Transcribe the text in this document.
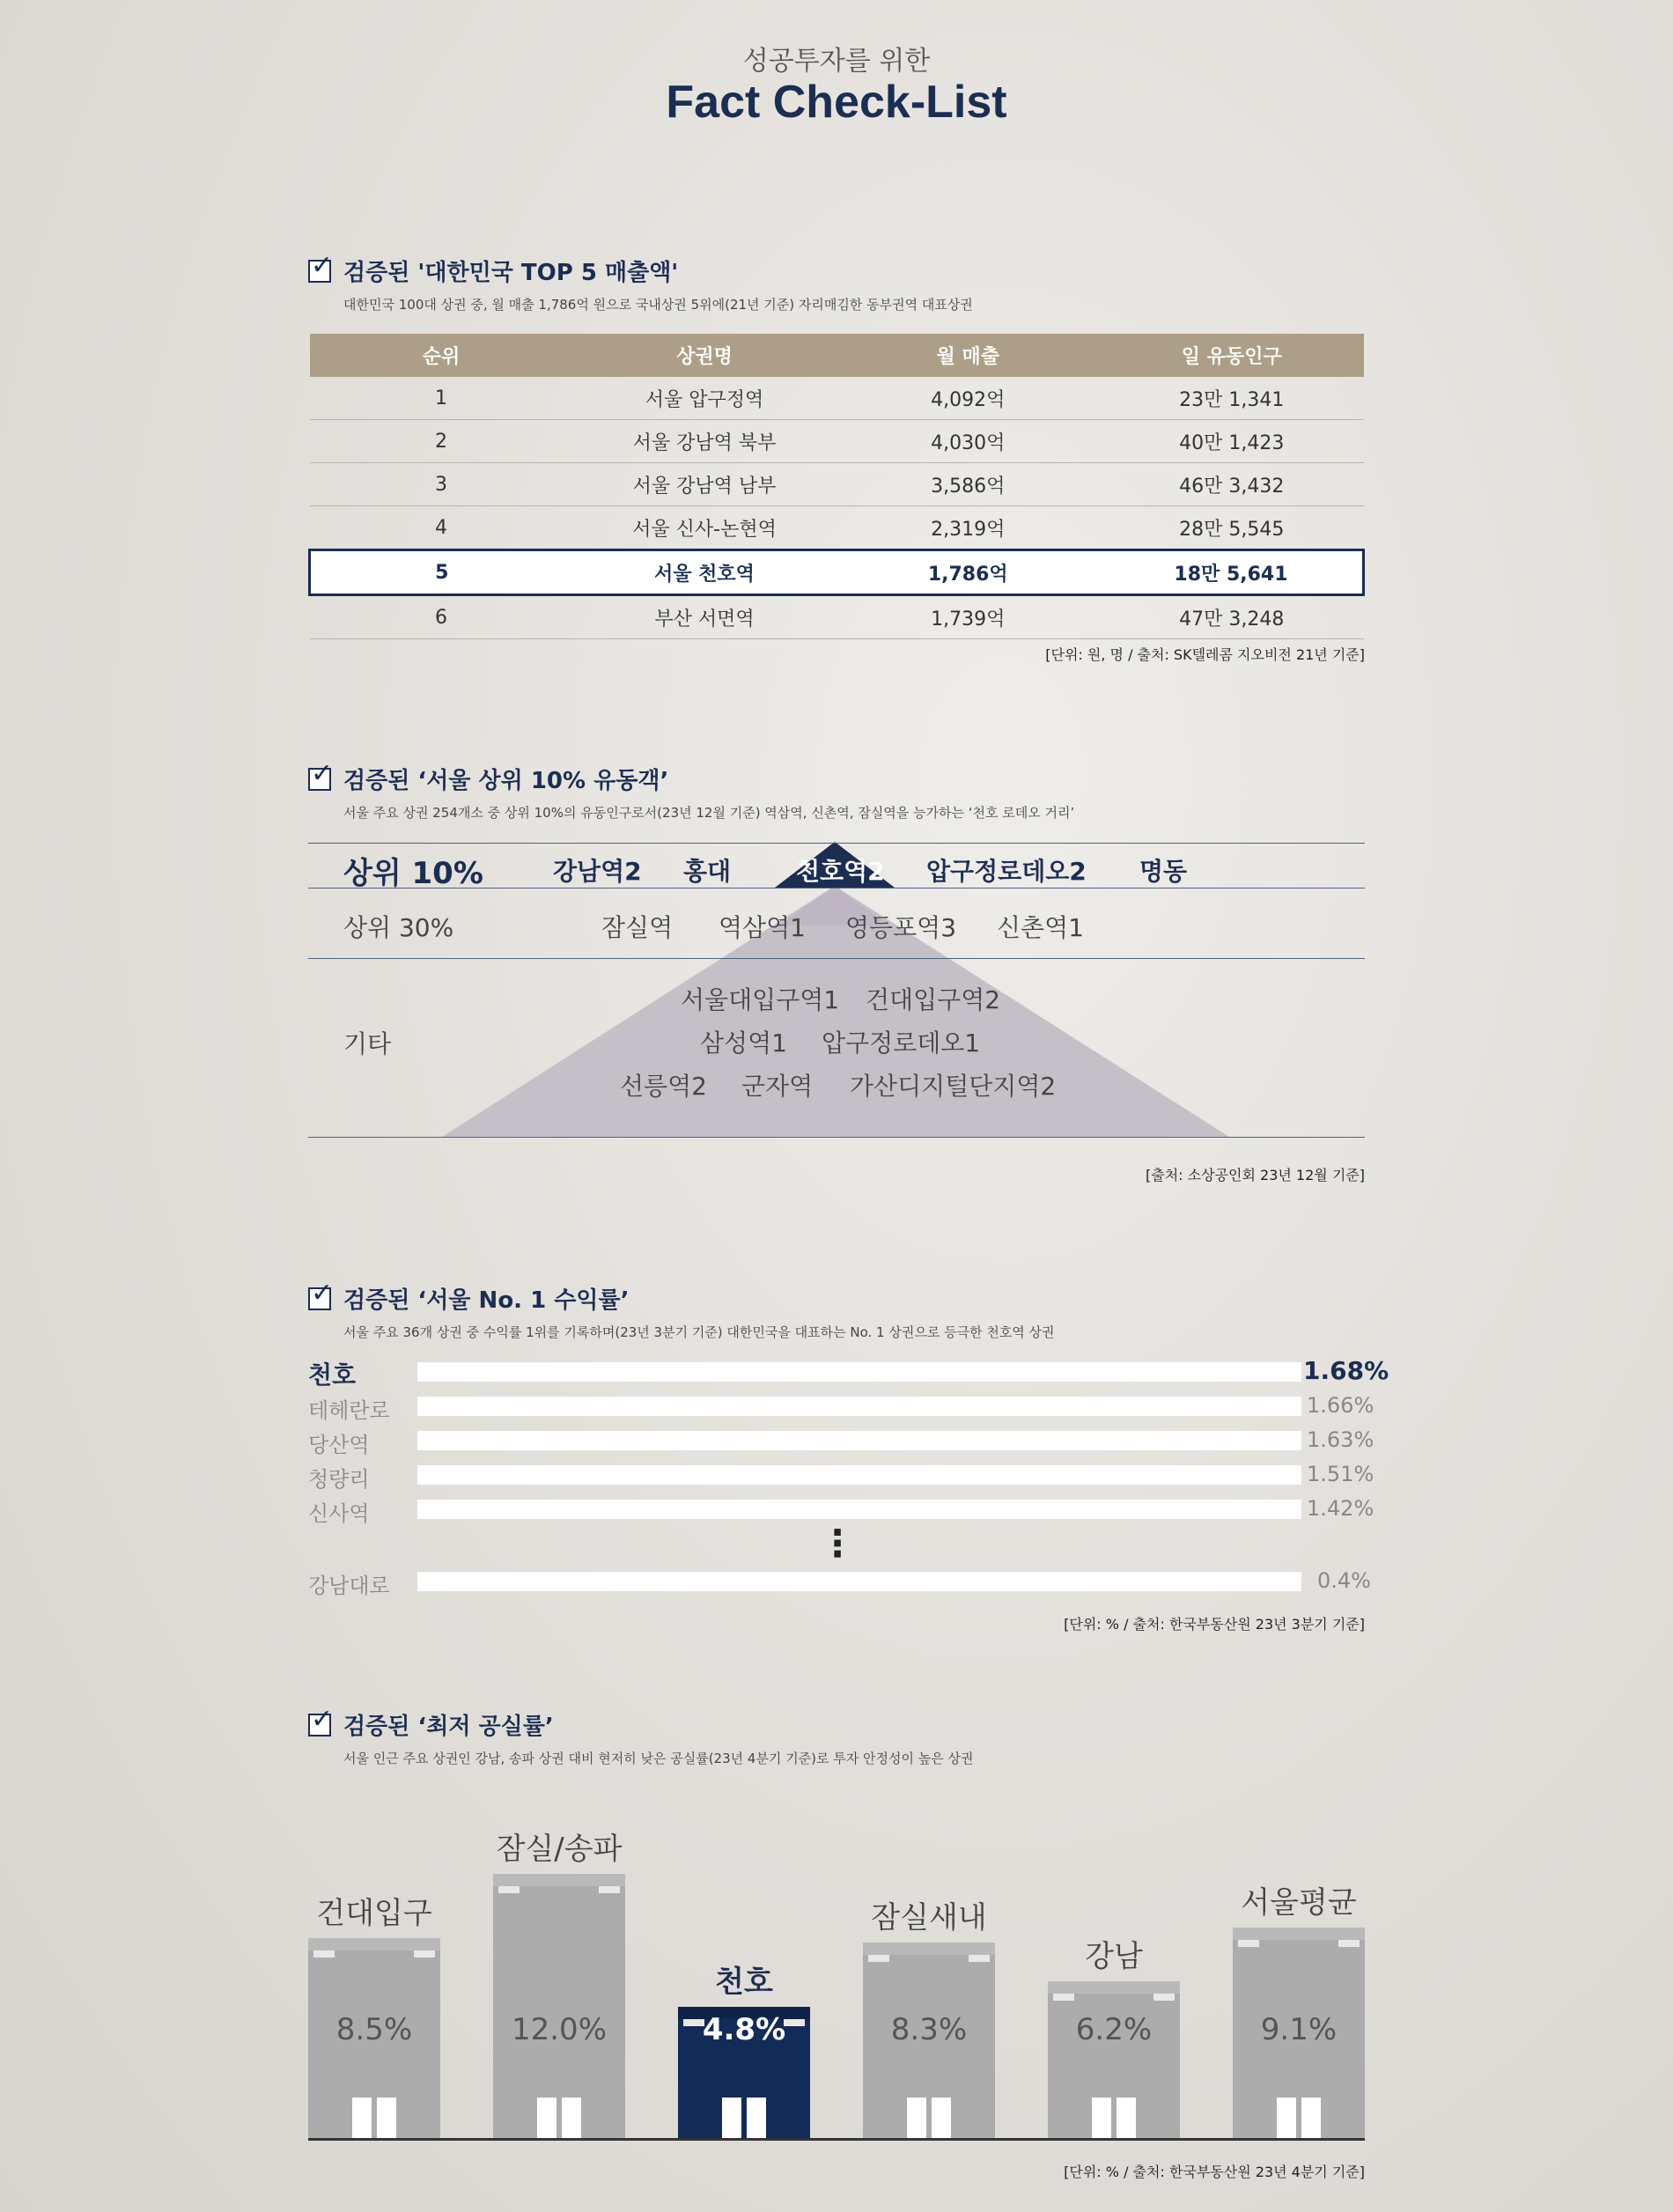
성공투자를 위한
Fact Check-List
✓ 검증된 '대한민국 TOP 5 매출액'
대한민국 100대 상권 중, 월 매출 1,786억 원으로 국내상권 5위에(21년 기준) 자리매김한 동부권역 대표상권
순위	상권명	월 매출	일 유동인구
1	서울 압구정역	4,092억	23만 1,341
2	서울 강남역 북부	4,030억	40만 1,423
3	서울 강남역 남부	3,586억	46만 3,432
4	서울 신사-논현역	2,319억	28만 5,545
5	서울 천호역	1,786억	18만 5,641
6	부산 서면역	1,739억	47만 3,248
[단위: 원, 명 / 출처: SK텔레콤 지오비전 21년 기준]
✓ 검증된 ‘서울 상위 10% 유동객’
서울 주요 상권 254개소 중 상위 10%의 유동인구로서(23년 12월 기준) 역삼역, 신촌역, 잠실역을 능가하는 ‘천호 로데오 거리’
상위 10%	강남역2 홍대	천호역2 압구정로데오2 명동
상위 30%	잠실역 역삼역1 영등포역3 신촌역1
기타
서울대입구역1 건대입구역2
삼성역1 압구정로데오1
선릉역2 군자역 가산디지털단지역2
[출처: 소상공인회 23년 12월 기준]
✓ 검증된 ‘서울 No. 1 수익률’
서울 주요 36개 상권 중 수익률 1위를 기록하며(23년 3분기 기준) 대한민국을 대표하는 No. 1 상권으로 등극한 천호역 상권
천호	1.68%
테헤란로	1.66%
당산역	1.63%
청량리	1.51%
신사역	1.42%
⋮
강남대로	0.4%
[단위: % / 출처: 한국부동산원 23년 3분기 기준]
✓ 검증된 ‘최저 공실률’
서울 인근 주요 상권인 강남, 송파 상권 대비 현저히 낮은 공실률(23년 4분기 기준)로 투자 안정성이 높은 상권
8.5%
건대입구
12.0%
잠실/송파
4.8%
천호
8.3%
잠실새내
6.2%
강남
9.1%
서울평균
[단위: % / 출처: 한국부동산원 23년 4분기 기준]
